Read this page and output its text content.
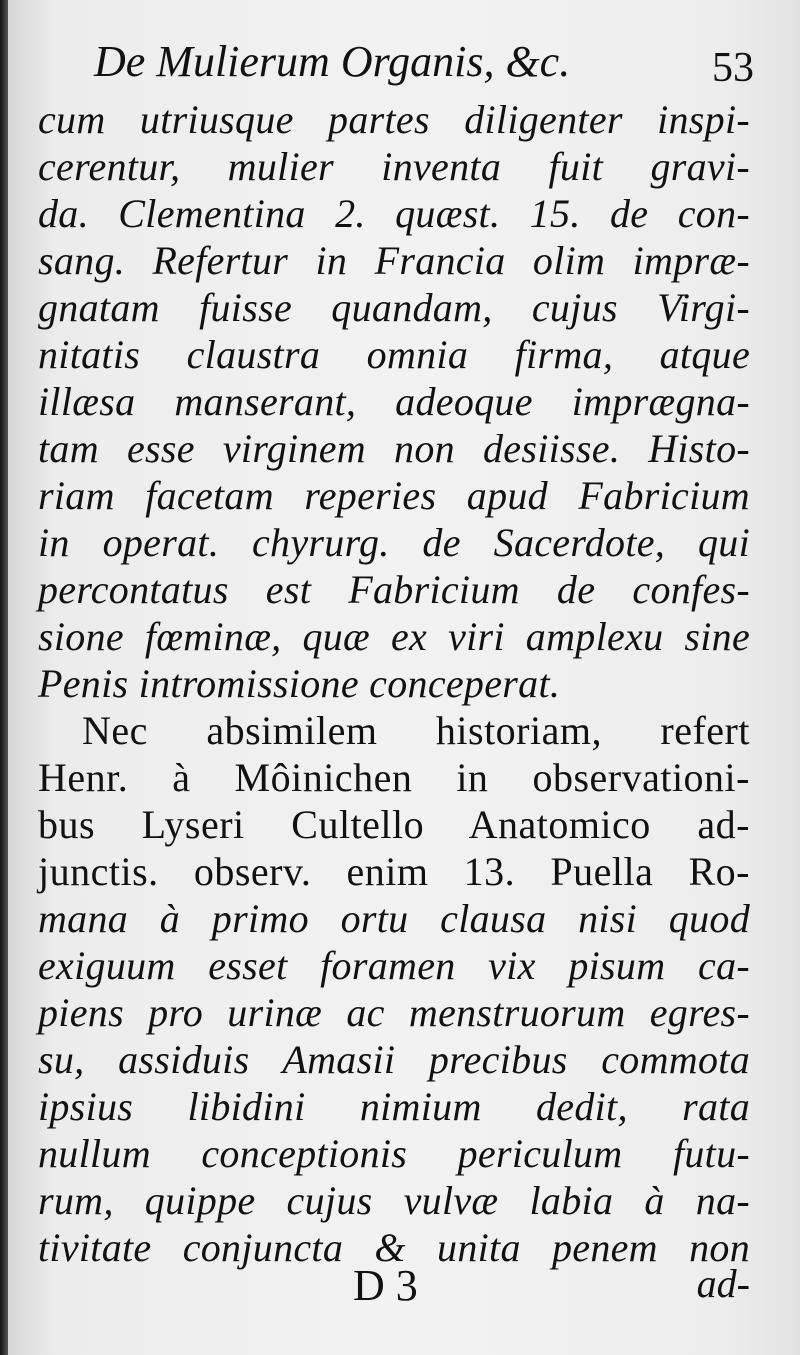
De Mulierum Organis, &c.	53
cum utriusque partes diligenter inspi-
cerentur, mulier inventa fuit gravi-
da. Clementina 2. quæst. 15. de con-
sang. Refertur in Francia olim impræ-
gnatam fuisse quandam, cujus Virgi-
nitatis claustra omnia firma, atque
illæsa manserant, adeoque imprægna-
tam esse virginem non desiisse. Histo-
riam facetam reperies apud Fabricium
in operat. chyrurg. de Sacerdote, qui
percontatus est Fabricium de confes-
sione fœminæ, quæ ex viri amplexu sine
Penis intromissione conceperat.
Nec absimilem historiam, refert
Henr. à Môinichen in observationi-
bus Lyseri Cultello Anatomico ad-
junctis. observ. enim 13. Puella Ro-
mana à primo ortu clausa nisi quod
exiguum esset foramen vix pisum ca-
piens pro urinæ ac menstruorum egres-
su, assiduis Amasii precibus commota
ipsius libidini nimium dedit, rata
nullum conceptionis periculum futu-
rum, quippe cujus vulvæ labia à na-
tivitate conjuncta & unita penem non
D 3	ad-
